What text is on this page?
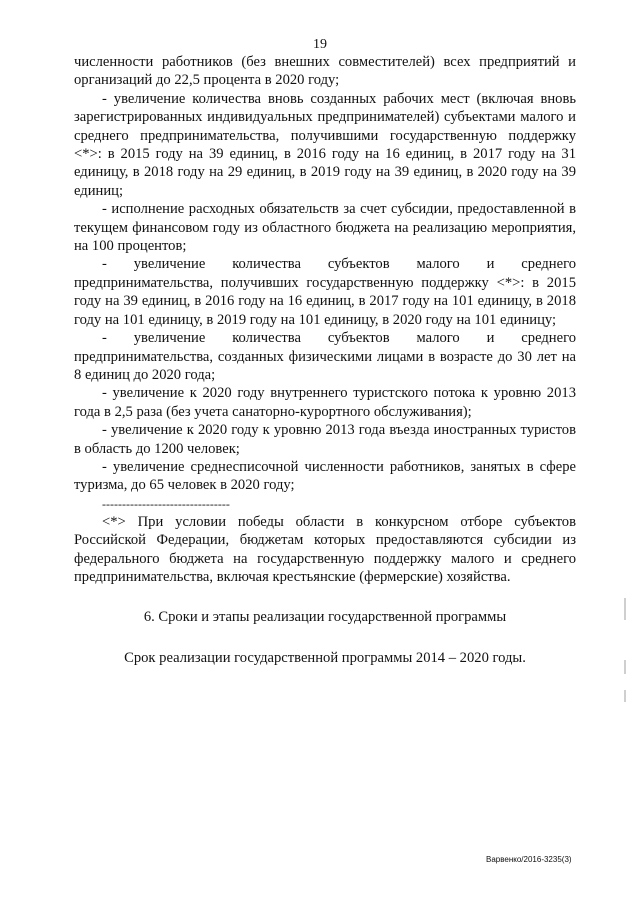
19

численности работников (без внешних совместителей) всех предприятий и организаций до 22,5 процента в 2020 году;

- увеличение количества вновь созданных рабочих мест (включая вновь зарегистрированных индивидуальных предпринимателей) субъектами малого и среднего предпринимательства, получившими государственную поддержку <*>: в 2015 году на 39 единиц, в 2016 году на 16 единиц, в 2017 году на 31 единицу, в 2018 году на 29 единиц, в 2019 году на 39 единиц, в 2020 году на 39 единиц;

- исполнение расходных обязательств за счет субсидии, предоставленной в текущем финансовом году из областного бюджета на реализацию мероприятия, на 100 процентов;

- увеличение количества субъектов малого и среднего предпринимательства, получивших государственную поддержку <*>: в 2015 году на 39 единиц, в 2016 году на 16 единиц, в 2017 году на 101 единицу, в 2018 году на 101 единицу, в 2019 году на 101 единицу, в 2020 году на 101 единицу;

- увеличение количества субъектов малого и среднего предпринимательства, созданных физическими лицами в возрасте до 30 лет на 8 единиц до 2020 года;

- увеличение к 2020 году внутреннего туристского потока к уровню 2013 года в 2,5 раза (без учета санаторно-курортного обслуживания);

- увеличение к 2020 году к уровню 2013 года въезда иностранных туристов в область до 1200 человек;

- увеличение среднесписочной численности работников, занятых в сфере туризма, до 65 человек в 2020 году;

--------------------------------

<*> При условии победы области в конкурсном отборе субъектов Российской Федерации, бюджетам которых предоставляются субсидии из федерального бюджета на государственную поддержку малого и среднего предпринимательства, включая крестьянские (фермерские) хозяйства.

6. Сроки и этапы реализации государственной программы
Срок реализации государственной программы 2014 – 2020 годы.
Варвенко/2016-3235(3)
